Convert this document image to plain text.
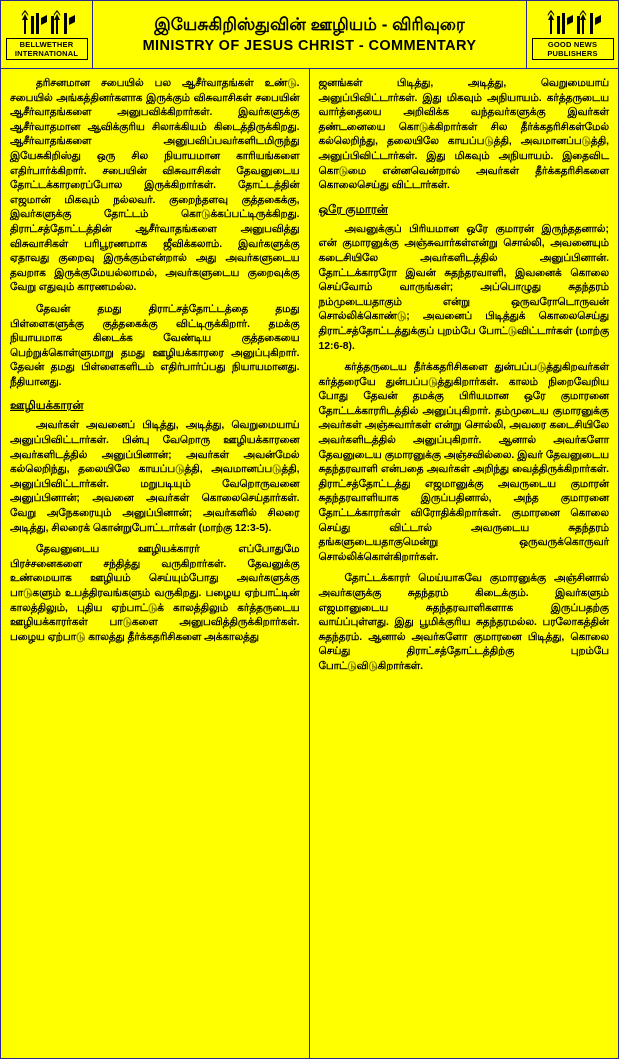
BELLWETHER
INTERNATIONAL
இயேசுகிறிஸ்துவின் ஊழியம் - விரிவுரை
MINISTRY OF JESUS CHRIST - COMMENTARY	GOOD NEWS
PUBLISHERS

தரிசனமான சபையில் பல ஆசீர்வாதங்கள் உண்டு. சபையில் அங்கத்தினர்களாக இருக்கும் விசுவாசிகள் சபையின் ஆசீர்வாதங்களை அனுபவிக்கிறார்கள். இவர்களுக்கு ஆசீர்வாதமான ஆவிக்குரிய சிலாக்கியம் கிடைத்திருக்கிறது. ஆசீர்வாதங்களை அனுபவிப்பவர்களிடமிருந்து இயேசுகிறிஸ்து ஒரு சில நியாயமான காரியங்களை எதிர்பார்க்கிறார். சபையின் விசுவாசிகள் தேவனுடைய தோட்டக்காரரைப்போல இருக்கிறார்கள். தோட்டத்தின் எஜமான் மிகவும் நல்லவர். குறைந்தளவு குத்தகைக்கு, இவர்களுக்கு தோட்டம் கொடுக்கப்பட்டிருக்கிறது. திராட்சத்தோட்டத்தின் ஆசீர்வாதங்களை அனுபவித்து விசுவாசிகள் பரிபூரணமாக ஜீவிக்கலாம். இவர்களுக்கு ஏதாவது குறைவு இருக்கும்என்றால் அது அவர்களுடைய தவறாக இருக்குமேயல்லாமல், அவர்களுடைய குறைவுக்கு வேறு எதுவும் காரணமல்ல.

தேவன் தமது திராட்சத்தோட்டத்தை தமது பிள்ளைகளுக்கு குத்தகைக்கு விட்டிருக்கிறார். தமக்கு நியாயமாக கிடைக்க வேண்டிய குத்தகையை பெற்றுக்கொள்ளுமாறு தமது ஊழியக்காரரை அனுப்புகிறார். தேவன் தமது பிள்ளைகளிடம் எதிர்பார்ப்பது நியாயமானது. நீதியானது.

ஊழியக்காரன்

அவர்கள் அவனைப் பிடித்து, அடித்து, வெறுமையாய் அனுப்பிவிட்டார்கள். பின்பு வேறொரு ஊழியக்காரனை அவர்களிடத்தில் அனுப்பினான்; அவர்கள் அவன்மேல் கல்லெறிந்து, தலையிலே காயப்படுத்தி, அவமானப்படுத்தி, அனுப்பிவிட்டார்கள். மறுபடியும் வேறொருவனை அனுப்பினான்; அவனை அவர்கள் கொலைசெய்தார்கள். வேறு அநேகரையும் அனுப்பினான்; அவர்களில் சிலரை அடித்து, சிலரைக் கொன்றுபோட்டார்கள் (மாற்கு 12:3-5).

தேவனுடைய ஊழியக்காரர் எப்போதுமே பிரச்சனைகளை சந்தித்து வருகிறார்கள். தேவனுக்கு உண்மையாக ஊழியம் செய்யும்போது அவர்களுக்கு பாடுகளும் உபத்திரவங்களும் வருகிறது. பழைய ஏற்பாட்டின் காலத்திலும், புதிய ஏற்பாட்டுக் காலத்திலும் கர்த்தருடைய ஊழியக்காரர்கள் பாடுகளை அனுபவித்திருக்கிறார்கள். பழைய ஏற்பாடு காலத்து தீர்க்கதரிசிகளை அக்காலத்து

ஜனங்கள் பிடித்து, அடித்து, வெறுமையாய் அனுப்பிவிட்டார்கள். இது மிகவும் அநியாயம். கர்த்தருடைய வார்த்தையை அறிவிக்க வந்தவர்களுக்கு இவர்கள் தண்டனையை கொடுக்கிறார்கள் சில தீர்க்கதரிசிகள்மேல் கல்லெறிந்து, தலையிலே காயப்படுத்தி, அவமானப்படுத்தி, அனுப்பிவிட்டார்கள். இது மிகவும் அநியாயம். இதைவிட கொடுமை என்னவென்றால் அவர்கள் தீர்க்கதரிசிகளை கொலைசெய்து விட்டார்கள்.

ஒரே குமாரன்

அவனுக்குப் பிரியமான ஒரே குமாரன் இருந்ததனால்; என் குமாரனுக்கு அஞ்சுவார்கள்என்று சொல்லி, அவனையும் கடைசியிலே அவர்களிடத்தில் அனுப்பினான். தோட்டக்காரரோ இவன் சுதந்தரவாளி, இவனைக் கொலை செய்வோம் வாருங்கள்; அப்பொழுது சுதந்தரம் நம்முடையதாகும் என்று ஒருவரோடொருவன் சொல்லிக்கொண்டு; அவனைப் பிடித்துக் கொலைசெய்து திராட்சத்தோட்டத்துக்குப் புறம்பே போட்டுவிட்டார்கள் (மாற்கு 12:6-8).

கர்த்தருடைய தீர்க்கதரிசிகளை துன்பப்படுத்துகிறவர்கள் கர்த்தரையே துன்பப்படுத்துகிறார்கள். காலம் நிறைவேறிய போது தேவன் தமக்கு பிரியமான ஒரே குமாரனை தோட்டக்காரரிடத்தில் அனுப்புகிறார். தம்முடைய குமாரனுக்கு அவர்கள் அஞ்சுவார்கள் என்று சொல்லி, அவரை கடைசியிலே அவர்களிடத்தில் அனுப்புகிறார். ஆனால் அவர்களோ தேவனுடைய குமாரனுக்கு அஞ்சவில்லை. இவர் தேவனுடைய சுதந்தரவாளி என்பதை அவர்கள் அறிந்து வைத்திருக்கிறார்கள். திராட்சத்தோட்டத்து எஜமானுக்கு அவருடைய குமாரன் சுதந்தரவாளியாக இருப்பதினால், அந்த குமாரனை தோட்டக்காரர்கள் விரோதிக்கிறார்கள். குமாரனை கொலை செய்து விட்டால் அவருடைய சுதந்தரம் தங்களுடையதாகுமென்று ஒருவருக்கொருவர் சொல்லிக்கொள்கிறார்கள்.

தோட்டக்காரர் மெய்யாகவே குமாரனுக்கு அஞ்சினால் அவர்களுக்கு சுதந்தரம் கிடைக்கும். இவர்களும் எஜமானுடைய சுதந்தரவாளிகளாக இருப்பதற்கு வாய்ப்புள்ளது. இது பூமிக்குரிய சுதந்தரமல்ல. பரலோகத்தின் சுதந்தரம். ஆனால் அவர்களோ குமாரனை பிடித்து, கொலை செய்து திராட்சத்தோட்டத்திற்கு புறம்பே போட்டுவிடுகிறார்கள்.
